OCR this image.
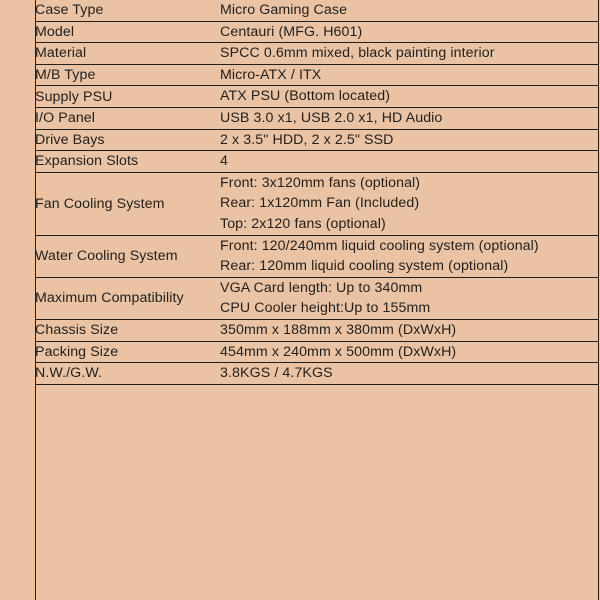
Case Type	Micro Gaming Case

Model	Centauri (MFG. H601)

Material	SPCC 0.6mm mixed, black painting interior

M/B Type	Micro-ATX / ITX

Supply PSU	ATX PSU (Bottom located)

I/O Panel	USB 3.0 x1, USB 2.0 x1, HD Audio

Drive Bays	2 x 3.5" HDD, 2 x 2.5" SSD

Expansion Slots	4

Fan Cooling System	Front: 3x120mm fans (optional)
Rear: 1x120mm Fan (Included)
Top: 2x120 fans (optional)

Water Cooling System	Front: 120/240mm liquid cooling system (optional)
Rear: 120mm liquid cooling system (optional)

Maximum Compatibility	VGA Card length: Up to 340mm
CPU Cooler height:Up to 155mm

Chassis Size	350mm x 188mm x 380mm (DxWxH)

Packing Size	454mm x 240mm x 500mm (DxWxH)

N.W./G.W.	3.8KGS / 4.7KGS
